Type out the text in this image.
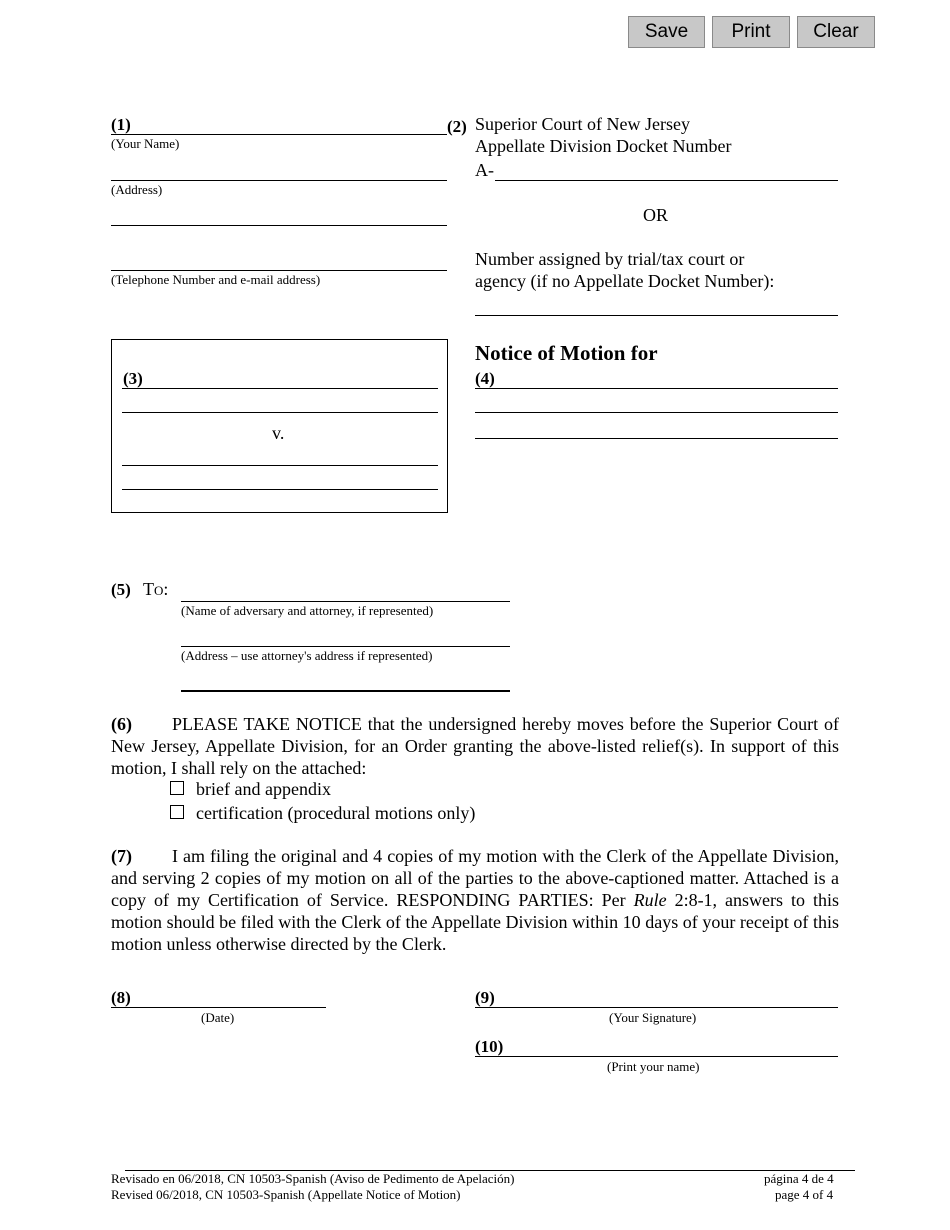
Save	Print	Clear
(1)
(Your Name)
(Address)
(Telephone Number and e-mail address)
(2) Superior Court of New Jersey
Appellate Division Docket Number
A-
OR
Number assigned by trial/tax court or
agency (if no Appellate Docket Number):
(3)
v.
Notice of Motion for
(4)
(5) To:
(Name of adversary and attorney, if represented)
(Address – use attorney's address if represented)
(6) PLEASE TAKE NOTICE that the undersigned hereby moves before the Superior Court of New Jersey, Appellate Division, for an Order granting the above-listed relief(s). In support of this motion, I shall rely on the attached:
brief and appendix
certification (procedural motions only)
(7) I am filing the original and 4 copies of my motion with the Clerk of the Appellate Division, and serving 2 copies of my motion on all of the parties to the above-captioned matter. Attached is a copy of my Certification of Service. RESPONDING PARTIES: Per Rule 2:8-1, answers to this motion should be filed with the Clerk of the Appellate Division within 10 days of your receipt of this motion unless otherwise directed by the Clerk.
(8)
(Date)
(9)
(Your Signature)
(10)
(Print your name)
Revisado en 06/2018, CN 10503-Spanish (Aviso de Pedimento de Apelación)
Revised 06/2018, CN 10503-Spanish (Appellate Notice of Motion)
página 4 de 4
page 4 of 4
